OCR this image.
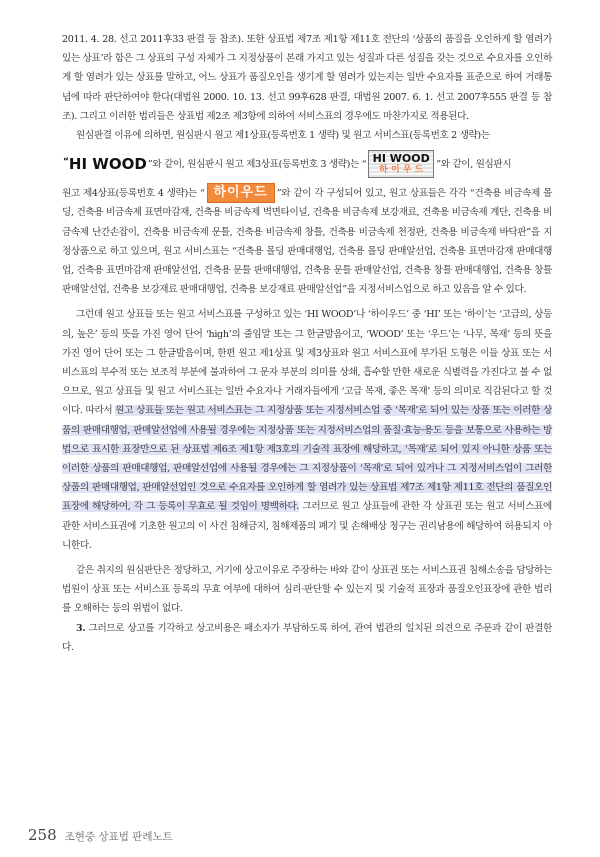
2011. 4. 28. 선고 2011후33 판결 등 참조). 또한 상표법 제7조 제1항 제11호 전단의 ‘상품의 품질을 오인하게 할 염려가 있는 상표’라 함은 그 상표의 구성 자체가 그 지정상품이 본래 가지고 있는 성질과 다른 성질을 갖는 것으로 수요자를 오인하게 할 염려가 있는 상표를 말하고, 어느 상표가 품질오인을 생기게 할 염려가 있는지는 일반 수요자를 표준으로 하여 거래통념에 따라 판단하여야 한다(대법원 2000. 10. 13. 선고 99후628 판결, 대법원 2007. 6. 1. 선고 2007후555 판결 등 참조). 그리고 이러한 법리들은 상표법 제2조 제3항에 의하여 서비스표의 경우에도 마찬가지로 적용된다.

원심판결 이유에 의하면, 원심판시 원고 제1상표(등록번호 1 생략) 및 원고 서비스표(등록번호 2 생략)는

“ HI WOOD ”와 같이, 원심판시 원고 제3상표(등록번호 3 생략)는 “ HI WOOD
하 이 우 드
”와 같이, 원심판시

원고 제4상표(등록번호 4 생략)는 “ 하이우드 ”와 같이 각 구성되어 있고, 원고 상표들은 각각 “건축용 비금속제 몰딩, 건축용 비금속제 표면마감재, 건축용 비금속제 벽면타이널, 건축용 비금속제 보강재료, 건축용 비금속제 계단, 건축용 비금속제 난간손잡이, 건축용 비금속제 문틀, 건축용 비금속제 창틀, 건축용 비금속제 천정판, 건축용 비금속제 바닥판”을 지정상품으로 하고 있으며, 원고 서비스표는 “건축용 몰딩 판매대행업, 건축용 몰딩 판매알선업, 건축용 표면마감재 판매대행업, 건축용 표면마감재 판매알선업, 건축용 문틀 판매대행업, 건축용 문틀 판매알선업, 건축용 창틀 판매대행업, 건축용 창틀 판매알선업, 건축용 보강재료 판매대행업, 건축용 보강재료 판매알선업”을 지정서비스업으로 하고 있음을 알 수 있다.

그런데 원고 상표들 또는 원고 서비스표를 구성하고 있는 ‘HI WOOD’나 ‘하이우드’ 중 ‘HI’ 또는 ‘하이’는 ‘고급의, 상등의, 높은’ 등의 뜻을 가진 영어 단어 ‘high’의 줄임말 또는 그 한글발음이고, ‘WOOD’ 또는 ‘우드’는 ‘나무, 목재’ 등의 뜻을 가진 영어 단어 또는 그 한글발음이며, 한편 원고 제1상표 및 제3상표와 원고 서비스표에 부가된 도형은 이들 상표 또는 서비스표의 부수적 또는 보조적 부분에 불과하여 그 문자 부분의 의미를 상쇄, 흡수할 만한 새로운 식별력을 가진다고 볼 수 없으므로, 원고 상표들 및 원고 서비스표는 일반 수요자나 거래자들에게 ‘고급 목재, 좋은 목재’ 등의 의미로 직감된다고 할 것이다. 따라서 원고 상표들 또는 원고 서비스표는 그 지정상품 또는 지정서비스업 중 ‘목재’로 되어 있는 상품 또는 이러한 상품의 판매대행업, 판매알선업에 사용될 경우에는 지정상품 또는 지정서비스업의 품질·효능·용도 등을 보통으로 사용하는 방법으로 표시한 표장만으로 된 상표법 제6조 제1항 제3호의 기술적 표장에 해당하고, ‘목재’로 되어 있지 아니한 상품 또는 이러한 상품의 판매대행업, 판매알선업에 사용될 경우에는 그 지정상품이 ‘목재’로 되어 있거나 그 지정서비스업이 그러한 상품의 판매대행업, 판매알선업인 것으로 수요자를 오인하게 할 염려가 있는 상표법 제7조 제1항 제11호 전단의 품질오인표장에 해당하여, 각 그 등록이 무효로 될 것임이 명백하다. 그러므로 원고 상표들에 관한 각 상표권 또는 원고 서비스표에 관한 서비스표권에 기초한 원고의 이 사건 침해금지, 침해제품의 폐기 및 손해배상 청구는 권리남용에 해당하여 허용되지 아니한다.

같은 취지의 원심판단은 정당하고, 거기에 상고이유로 주장하는 바와 같이 상표권 또는 서비스표권 침해소송을 담당하는 법원이 상표 또는 서비스표 등록의 무효 여부에 대하여 심리·판단할 수 있는지 및 기술적 표장과 품질오인표장에 관한 법리를 오해하는 등의 위법이 없다.

3. 그러므로 상고를 기각하고 상고비용은 패소자가 부담하도록 하여, 관여 법관의 일치된 의견으로 주문과 같이 판결한다.

258 조현중 상표법 판례노트
